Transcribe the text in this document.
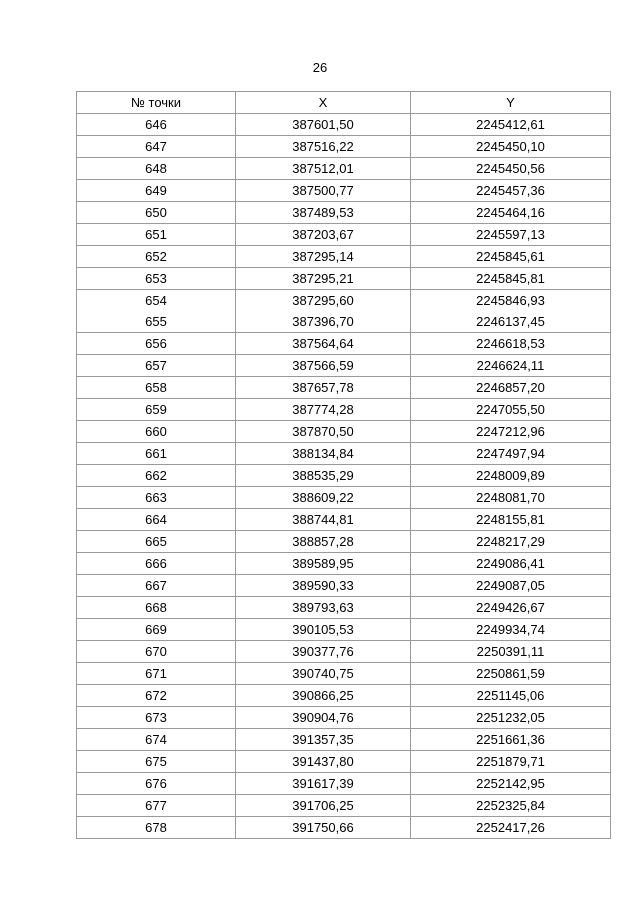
26
№ точки	X	Y
646	387601,50	2245412,61
647	387516,22	2245450,10
648	387512,01	2245450,56
649	387500,77	2245457,36
650	387489,53	2245464,16
651	387203,67	2245597,13
652	387295,14	2245845,61
653	387295,21	2245845,81
654	387295,60	2245846,93
655	387396,70	2246137,45
656	387564,64	2246618,53
657	387566,59	2246624,11
658	387657,78	2246857,20
659	387774,28	2247055,50
660	387870,50	2247212,96
661	388134,84	2247497,94
662	388535,29	2248009,89
663	388609,22	2248081,70
664	388744,81	2248155,81
665	388857,28	2248217,29
666	389589,95	2249086,41
667	389590,33	2249087,05
668	389793,63	2249426,67
669	390105,53	2249934,74
670	390377,76	2250391,11
671	390740,75	2250861,59
672	390866,25	2251145,06
673	390904,76	2251232,05
674	391357,35	2251661,36
675	391437,80	2251879,71
676	391617,39	2252142,95
677	391706,25	2252325,84
678	391750,66	2252417,26
